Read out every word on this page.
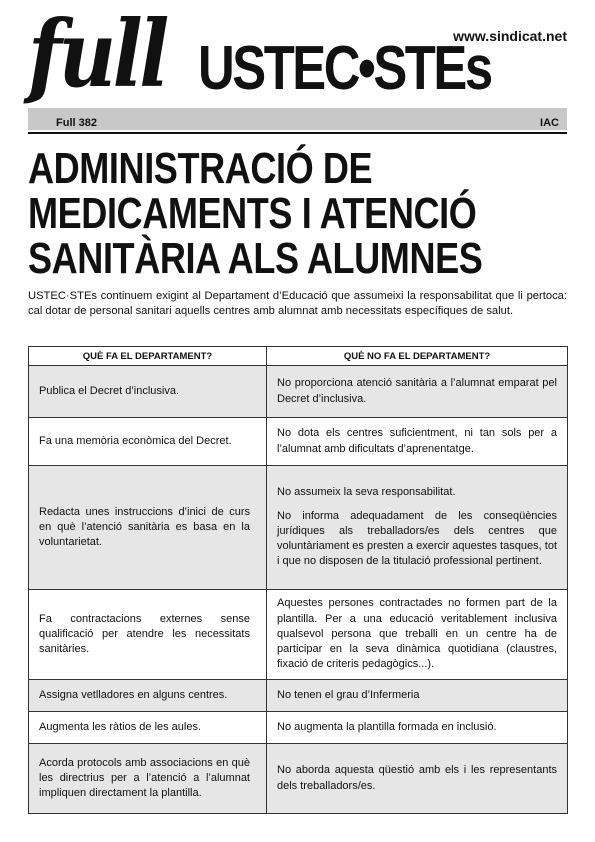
full USTEC•STEs
www.sindicat.net
Full 382	IAC
ADMINISTRACIÓ DE
MEDICAMENTS I ATENCIÓ
SANITÀRIA ALS ALUMNES

USTEC·STEs continuem exigint al Departament d’Educació que assumeixi la responsabilitat que li pertoca: cal dotar de personal sanitari aquells centres amb alumnat amb necessitats específiques de salut.

QUÈ FA EL DEPARTAMENT?	QUÈ NO FA EL DEPARTAMENT?
Publica el Decret d’inclusiva.	No proporciona atenció sanitària a l’alumnat emparat pel Decret d’inclusiva.

Fa una memòria econòmica del Decret.	No dota els centres suficientment, ni tan sols per a l’alumnat amb dificultats d’aprenentatge.

Redacta unes instruccions d’inici de curs en què l’atenció sanitària es basa en la voluntarietat.	No assumeix la seva responsabilitat.

No informa adequadament de les conseqüències jurídiques als treballadors/es dels centres que voluntàriament es presten a exercir aquestes tasques, tot i que no disposen de la titulació professional pertinent.

Fa contractacions externes sense qualificació per atendre les necessitats sanitàries.	Aquestes persones contractades no formen part de la plantilla. Per a una educació veritablement inclusiva qualsevol persona que treballi en un centre ha de participar en la seva dinàmica quotidiana (claustres, fixació de criteris pedagògics...).

Assigna vetlladores en alguns centres.	No tenen el grau d’Infermeria

Augmenta les ràtios de les aules.	No augmenta la plantilla formada en inclusió.

Acorda protocols amb associacions en què les directrius per a l’atenció a l’alumnat impliquen directament la plantilla.	No aborda aquesta qüestió amb els i les representants dels treballadors/es.
